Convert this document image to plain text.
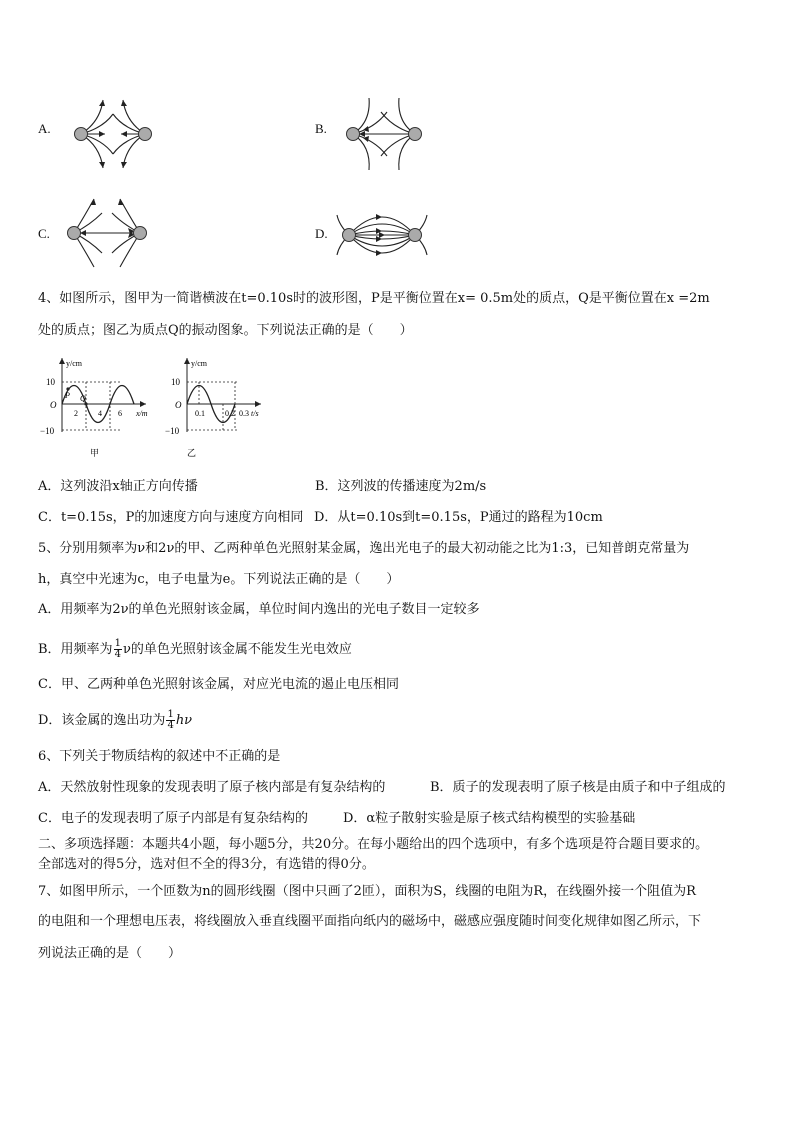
A.	B.
C.	D.
4、如图所示，图甲为一简谐横波在t=0.10s时的波形图，P是平衡位置在x= 0.5m处的质点，Q是平衡位置在x =2m
处的质点；图乙为质点Q的振动图象。下列说法正确的是（　　）
y/cm
x/m
10
O
−10
2	4 6
P Q
甲
y/cm
t/s
10
O
−10
0.1	0.2 0.3
乙
A．这列波沿x轴正方向传播	B．这列波的传播速度为2m/s
C．t=0.15s，P的加速度方向与速度方向相同 D．从t=0.10s到t=0.15s，P通过的路程为10cm
5、分别用频率为ν和2ν的甲、乙两种单色光照射某金属，逸出光电子的最大初动能之比为1:3，已知普朗克常量为
h，真空中光速为c，电子电量为e。下列说法正确的是（　　）
A．用频率为2ν的单色光照射该金属，单位时间内逸出的光电子数目一定较多
B．用频率为 $\frac{1}{4}$ ν的单色光照射该金属不能发生光电效应
C．甲、乙两种单色光照射该金属，对应光电流的遏止电压相同
D．该金属的逸出功为 $\frac{1}{4}$ hν
6、下列关于物质结构的叙述中不正确的是
A．天然放射性现象的发现表明了原子核内部是有复杂结构的	B．质子的发现表明了原子核是由质子和中子组成的
C．电子的发现表明了原子内部是有复杂结构的	D．α粒子散射实验是原子核式结构模型的实验基础
二、多项选择题：本题共4小题，每小题5分，共20分。在每小题给出的四个选项中，有多个选项是符合题目要求的。
全部选对的得5分，选对但不全的得3分，有选错的得0分。
7、如图甲所示，一个匝数为n的圆形线圈（图中只画了2匝），面积为S，线圈的电阻为R，在线圈外接一个阻值为R
的电阻和一个理想电压表，将线圈放入垂直线圈平面指向纸内的磁场中，磁感应强度随时间变化规律如图乙所示，下
列说法正确的是（　　）
